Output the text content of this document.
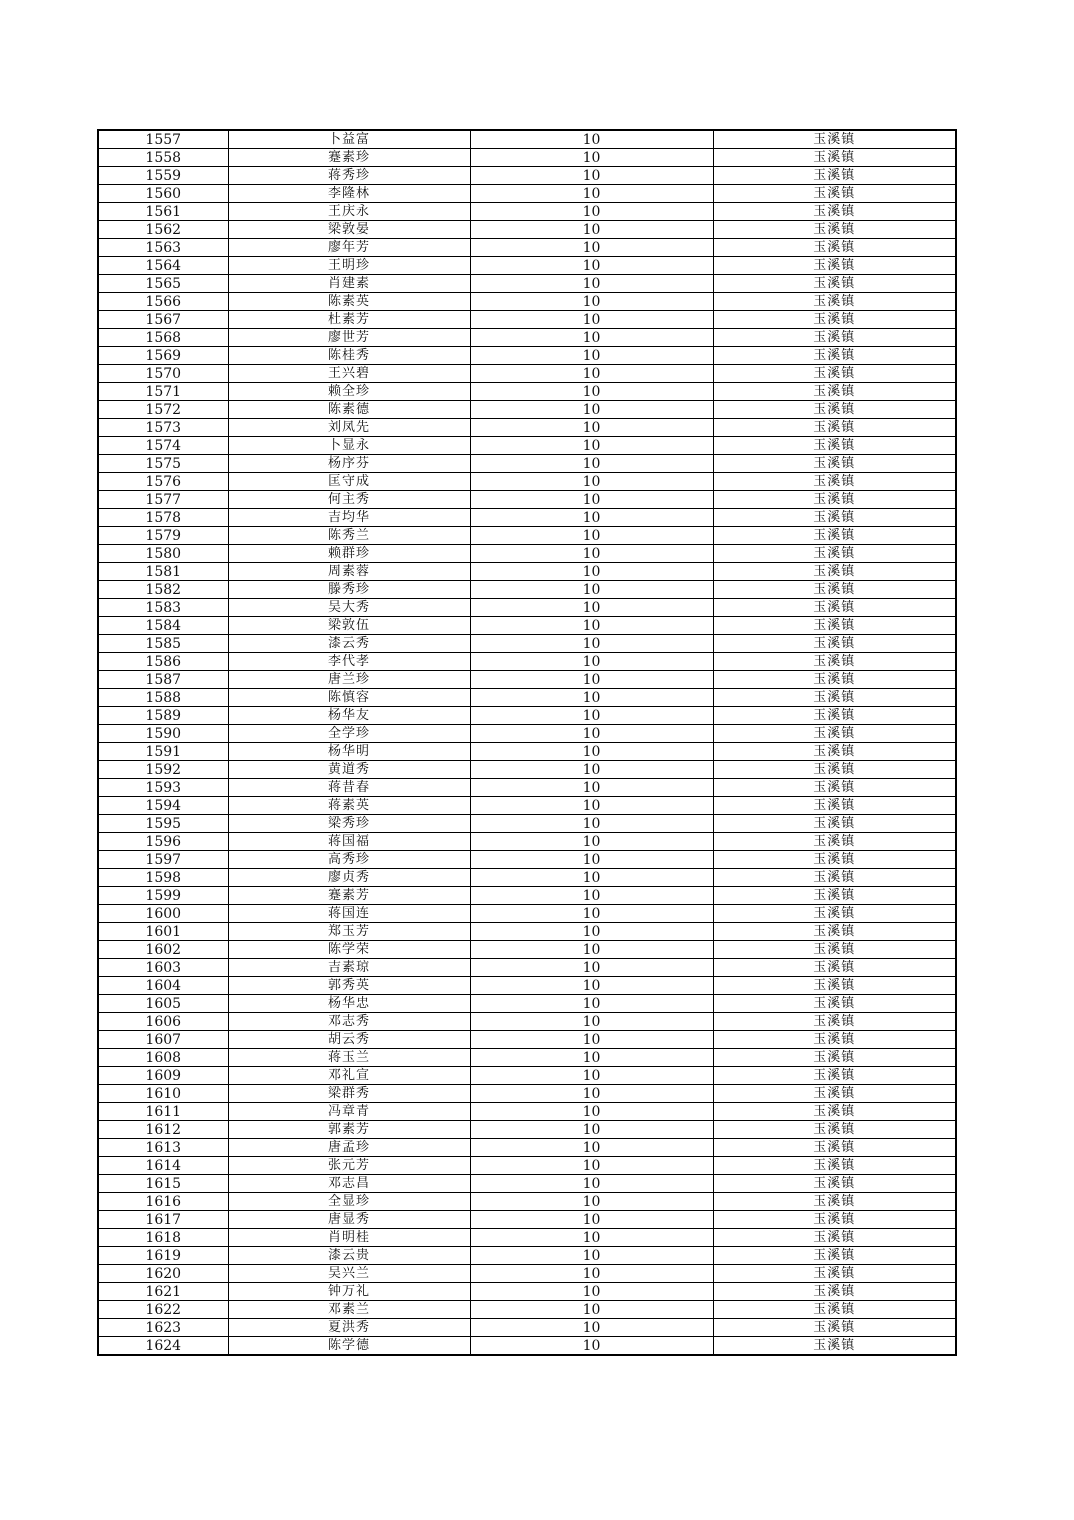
1557	卜益富	10	玉溪镇
1558	蹇素珍	10	玉溪镇
1559	蒋秀珍	10	玉溪镇
1560	李隆林	10	玉溪镇
1561	王庆永	10	玉溪镇
1562	梁敦晏	10	玉溪镇
1563	廖年芳	10	玉溪镇
1564	王明珍	10	玉溪镇
1565	肖建素	10	玉溪镇
1566	陈素英	10	玉溪镇
1567	杜素芳	10	玉溪镇
1568	廖世芳	10	玉溪镇
1569	陈桂秀	10	玉溪镇
1570	王兴碧	10	玉溪镇
1571	赖全珍	10	玉溪镇
1572	陈素德	10	玉溪镇
1573	刘凤先	10	玉溪镇
1574	卜显永	10	玉溪镇
1575	杨序芬	10	玉溪镇
1576	匡守成	10	玉溪镇
1577	何主秀	10	玉溪镇
1578	吉均华	10	玉溪镇
1579	陈秀兰	10	玉溪镇
1580	赖群珍	10	玉溪镇
1581	周素蓉	10	玉溪镇
1582	滕秀珍	10	玉溪镇
1583	吴大秀	10	玉溪镇
1584	梁敦伍	10	玉溪镇
1585	漆云秀	10	玉溪镇
1586	李代孝	10	玉溪镇
1587	唐兰珍	10	玉溪镇
1588	陈慎容	10	玉溪镇
1589	杨华友	10	玉溪镇
1590	全学珍	10	玉溪镇
1591	杨华明	10	玉溪镇
1592	黄道秀	10	玉溪镇
1593	蒋昔春	10	玉溪镇
1594	蒋素英	10	玉溪镇
1595	梁秀珍	10	玉溪镇
1596	蒋国福	10	玉溪镇
1597	高秀珍	10	玉溪镇
1598	廖贞秀	10	玉溪镇
1599	蹇素芳	10	玉溪镇
1600	蒋国连	10	玉溪镇
1601	郑玉芳	10	玉溪镇
1602	陈学荣	10	玉溪镇
1603	吉素琼	10	玉溪镇
1604	郭秀英	10	玉溪镇
1605	杨华忠	10	玉溪镇
1606	邓志秀	10	玉溪镇
1607	胡云秀	10	玉溪镇
1608	蒋玉兰	10	玉溪镇
1609	邓礼宣	10	玉溪镇
1610	梁群秀	10	玉溪镇
1611	冯章青	10	玉溪镇
1612	郭素芳	10	玉溪镇
1613	唐孟珍	10	玉溪镇
1614	张元芳	10	玉溪镇
1615	邓志昌	10	玉溪镇
1616	全显珍	10	玉溪镇
1617	唐显秀	10	玉溪镇
1618	肖明桂	10	玉溪镇
1619	漆云贵	10	玉溪镇
1620	吴兴兰	10	玉溪镇
1621	钟万礼	10	玉溪镇
1622	邓素兰	10	玉溪镇
1623	夏洪秀	10	玉溪镇
1624	陈学德	10	玉溪镇
